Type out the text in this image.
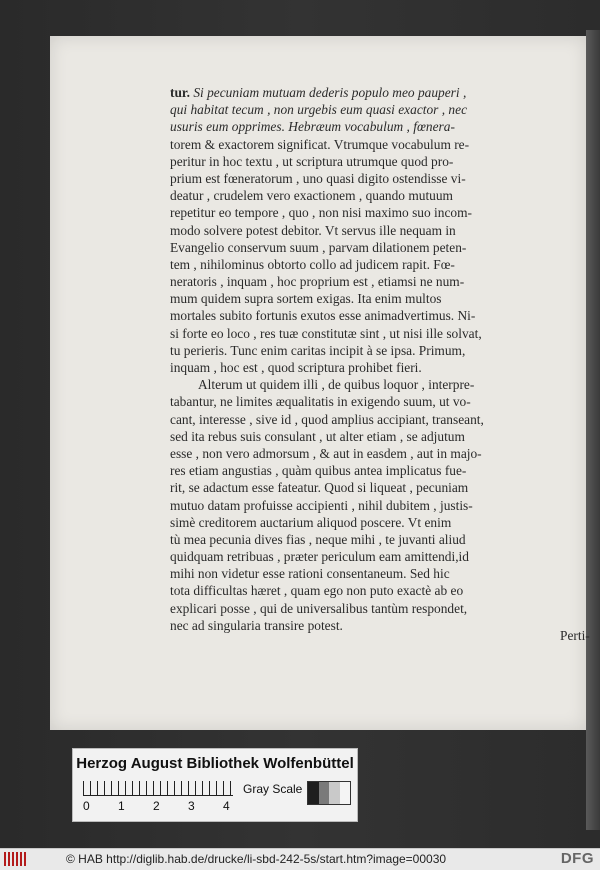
tur. Si pecuniam mutuam dederis populo meo pauperi ,
qui habitat tecum , non urgebis eum quasi exactor , nec
usuris eum opprimes. Hebræum vocabulum , fœnera-
torem & exactorem significat. Vtrumque vocabulum re-
peritur in hoc textu , ut scriptura utrumque quod pro-
prium est fœneratorum , uno quasi digito ostendisse vi-
deatur , crudelem vero exactionem , quando mutuum
repetitur eo tempore , quo , non nisi maximo suo incom-
modo solvere potest debitor. Vt servus ille nequam in
Evangelio conservum suum , parvam dilationem peten-
tem , nihilominus obtorto collo ad judicem rapit. Fœ-
neratoris , inquam , hoc proprium est , etiamsi ne num-
mum quidem supra sortem exigas. Ita enim multos
mortales subito fortunis exutos esse animadvertimus. Ni-
si forte eo loco , res tuæ constitutæ sint , ut nisi ille solvat,
tu perieris. Tunc enim caritas incipit à se ipsa. Primum,
inquam , hoc est , quod scriptura prohibet fieri.
Alterum ut quidem illi , de quibus loquor , interpre-
tabantur, ne limites æqualitatis in exigendo suum, ut vo-
cant, interesse , sive id , quod amplius accipiant, transeant,
sed ita rebus suis consulant , ut alter etiam , se adjutum
esse , non vero admorsum , & aut in easdem , aut in majo-
res etiam angustias , quàm quibus antea implicatus fue-
rit, se adactum esse fateatur. Quod si liqueat , pecuniam
mutuo datam profuisse accipienti , nihil dubitem , justis-
simè creditorem auctarium aliquod poscere. Vt enim
tù mea pecunia dives fias , neque mihi , te juvanti aliud
quidquam retribuas , præter periculum eam amittendi,id
mihi non videtur esse rationi consentaneum. Sed hic
tota difficultas hæret , quam ego non puto exactè ab eo
explicari posse , qui de universalibus tantùm respondet,
nec ad singularia transire potest.
Perti-
Herzog August Bibliothek Wolfenbüttel
0 1 2 3 4
Gray Scale
© HAB http://diglib.hab.de/drucke/li-sbd-242-5s/start.htm?image=00030	DFG
